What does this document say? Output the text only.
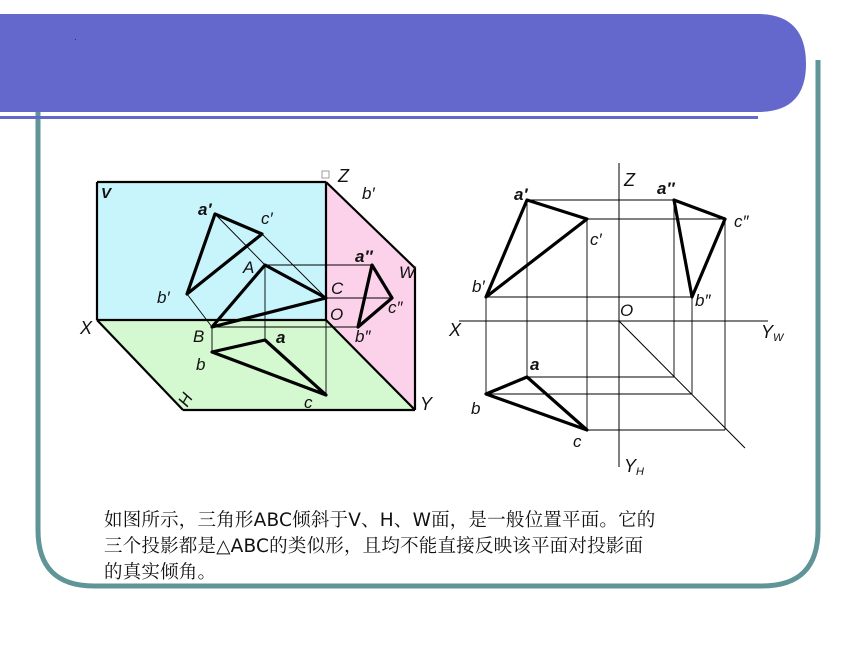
.
V
W
H
X
Y
Z
b′
O
A
B
C
a′	c′
b′
a
b
c
a″
c″
b″
Z
X
O
YW
YH
a′
c′
b′
a″
c″
b″
a
b
c
如图所示，三角形ABC倾斜于V、H、W面，是一般位置平面。它的
三个投影都是△ABC的类似形，且均不能直接反映该平面对投影面
的真实倾角。
